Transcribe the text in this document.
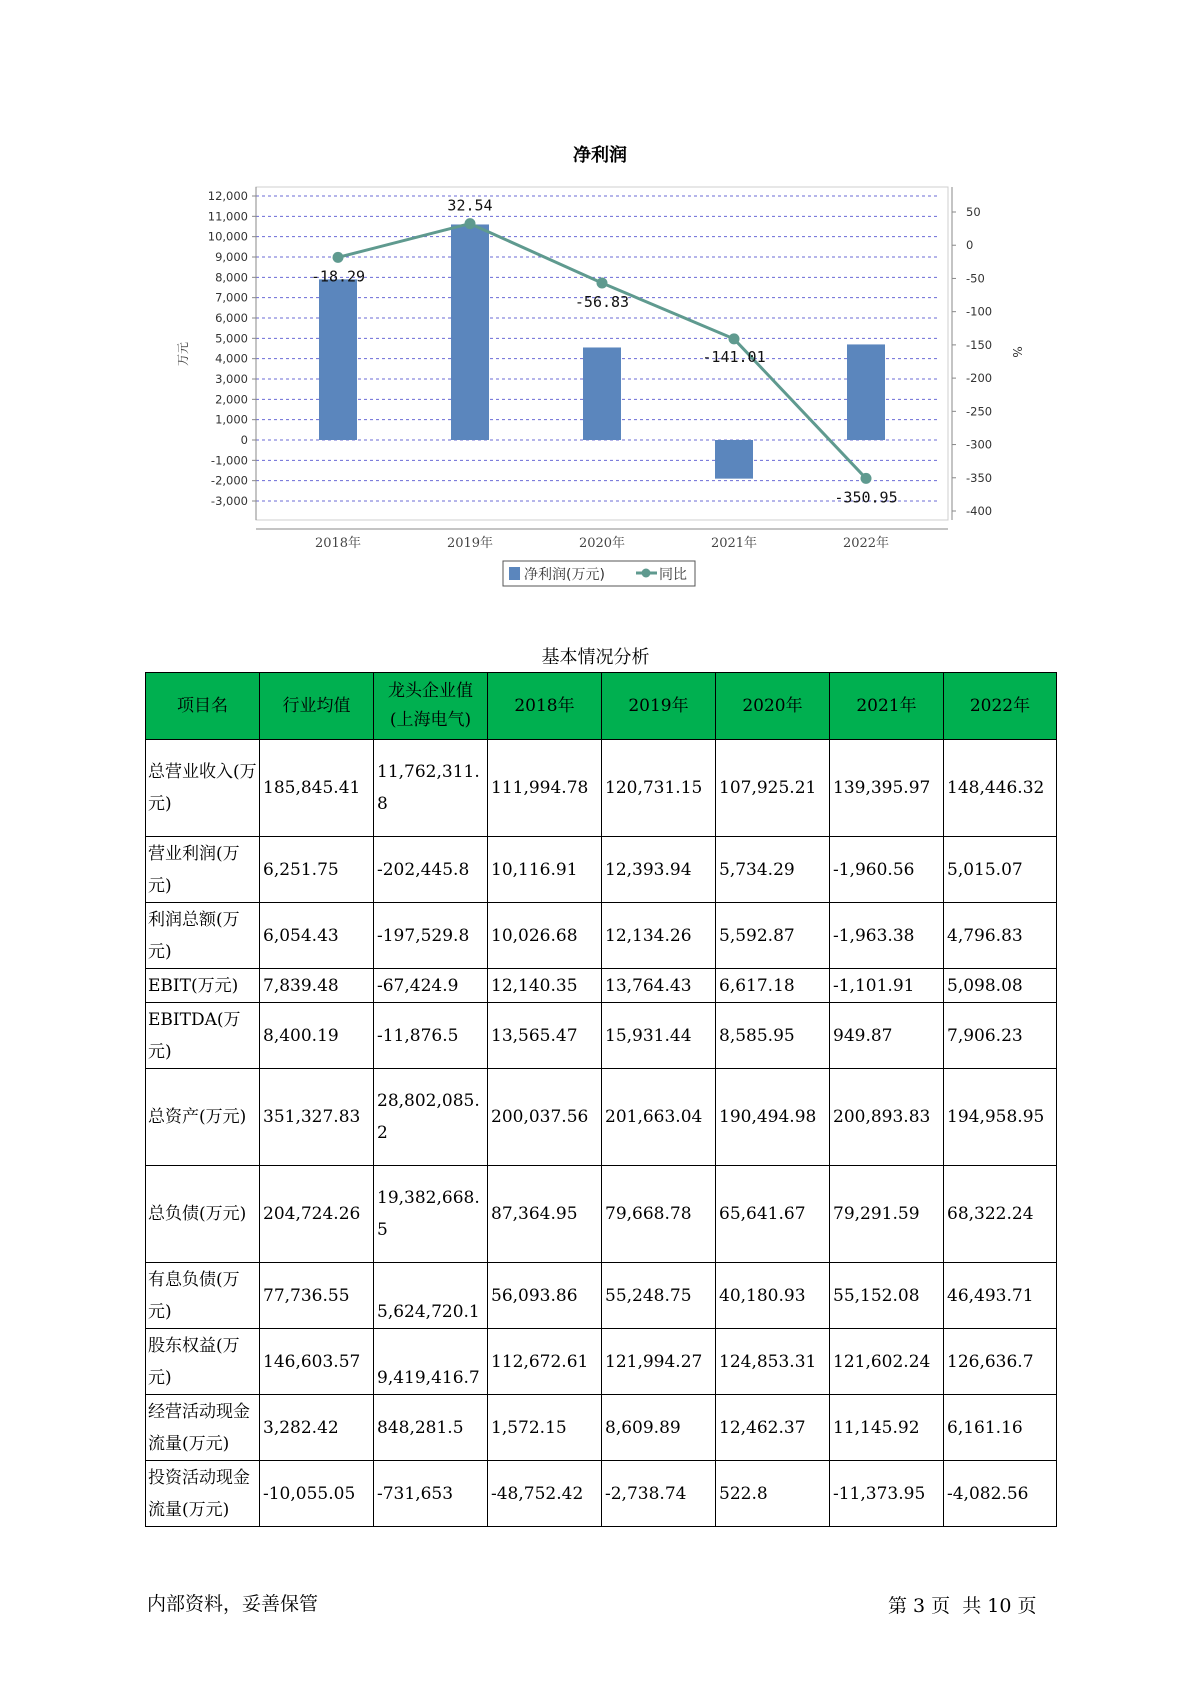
净利润
12,000
11,000
10,000
9,000
8,000
7,000
6,000
5,000
4,000
3,000
2,000
1,000
0
-1,000
-2,000
-3,000
50
0
-50
-100
-150
-200
-250
-300
-350
-400
万元	%
2018年	2019年	2020年	2021年	2022年
-18.29
32.54
-56.83
-141.01
-350.95
净利润(万元)	同比
基本情况分析
项目名	行业均值	龙头企业值(上海电气)	2018年	2019年	2020年	2021年	2022年
总营业收入(万元)	185,845.41	11,762,311.8	111,994.78	120,731.15	107,925.21	139,395.97	148,446.32
营业利润(万元)	6,251.75	-202,445.8	10,116.91	12,393.94	5,734.29	-1,960.56	5,015.07
利润总额(万元)	6,054.43	-197,529.8	10,026.68	12,134.26	5,592.87	-1,963.38	4,796.83
EBIT(万元)	7,839.48	-67,424.9	12,140.35	13,764.43	6,617.18	-1,101.91	5,098.08
EBITDA(万元)	8,400.19	-11,876.5	13,565.47	15,931.44	8,585.95	949.87	7,906.23
总资产(万元)	351,327.83	28,802,085.2	200,037.56	201,663.04	190,494.98	200,893.83	194,958.95
总负债(万元)	204,724.26	19,382,668.5	87,364.95	79,668.78	65,641.67	79,291.59	68,322.24
有息负债(万元)	77,736.55	5,624,720.1	56,093.86	55,248.75	40,180.93	55,152.08	46,493.71
股东权益(万元)	146,603.57	9,419,416.7	112,672.61	121,994.27	124,853.31	121,602.24	126,636.7
经营活动现金流量(万元)	3,282.42	848,281.5	1,572.15	8,609.89	12,462.37	11,145.92	6,161.16
投资活动现金流量(万元)	-10,055.05	-731,653	-48,752.42	-2,738.74	522.8	-11,373.95	-4,082.56
内部资料，妥善保管	第 3 页  共 10 页
